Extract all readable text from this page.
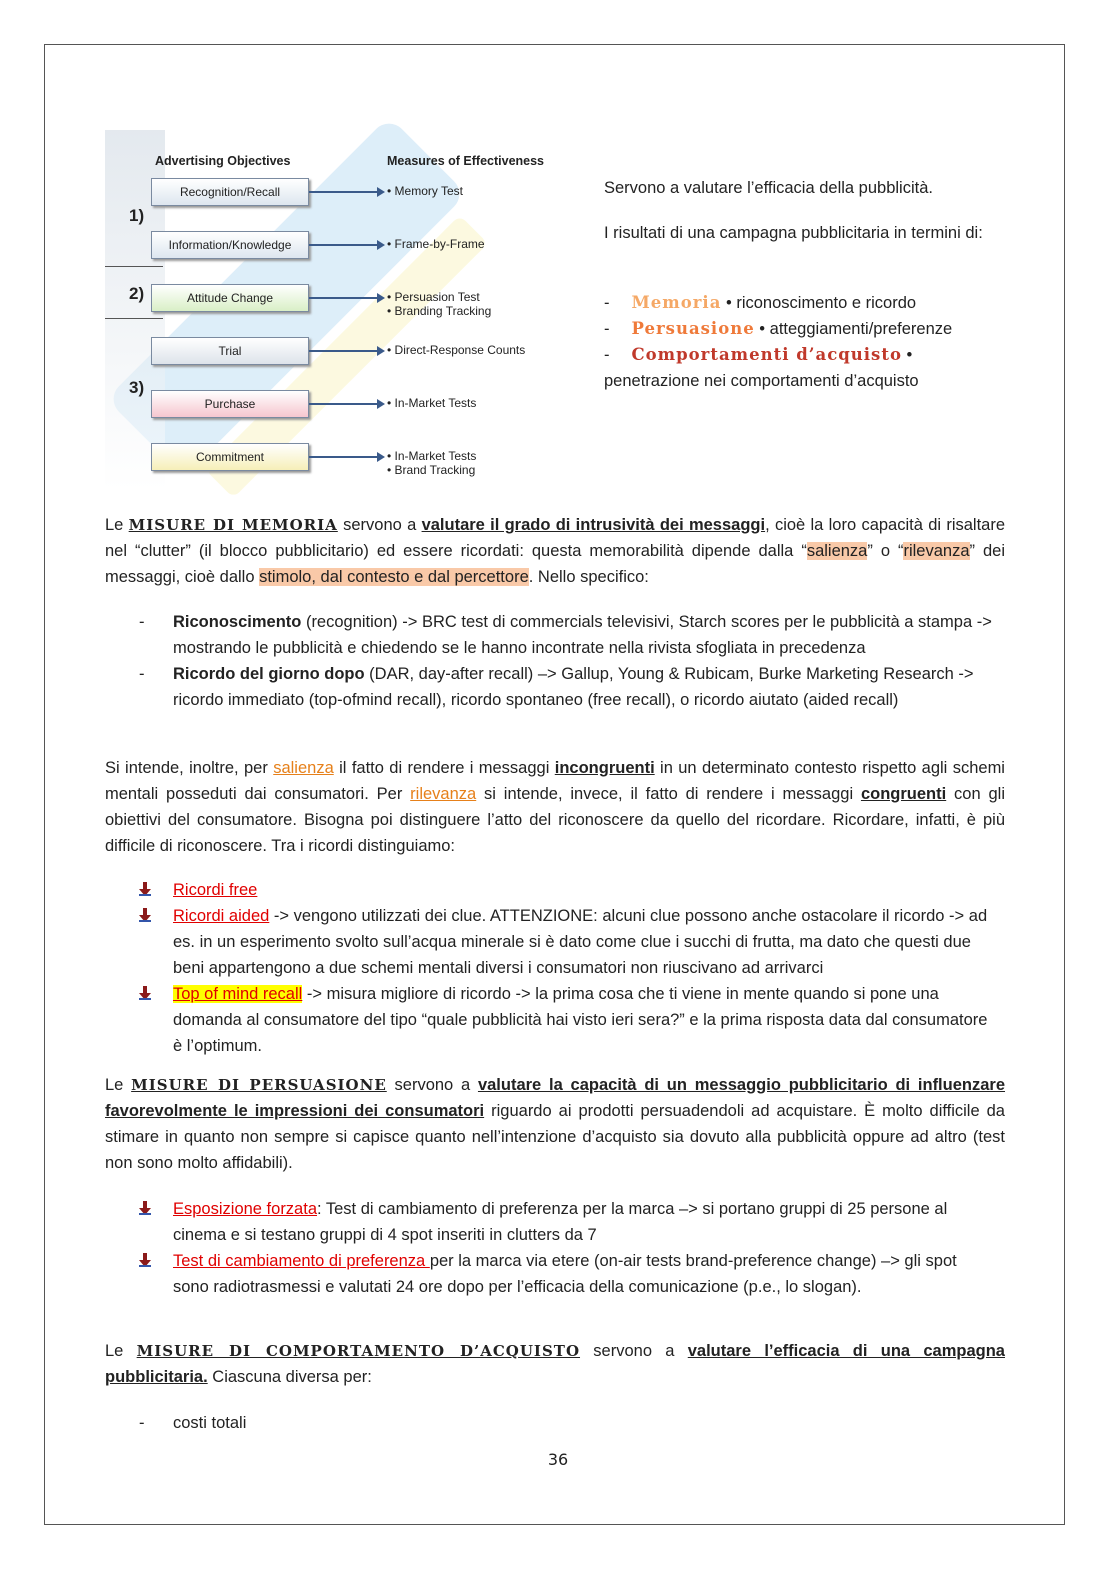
Advertising Objectives	Measures of Effectiveness
1)
2)
3)
Recognition/Recall	• Memory Test
Information/Knowledge	• Frame-by-Frame
Attitude Change	• Persuasion Test
• Branding Tracking
Trial	• Direct-Response Counts
Purchase	• In-Market Tests
Commitment	• In-Market Tests
• Brand Tracking
Servono a valutare l’efficacia della pubblicità.
I risultati di una campagna pubblicitaria in termini di:
- Memoria • riconoscimento e ricordo
- Persuasione • atteggiamenti/preferenze
- Comportamenti d’acquisto •
penetrazione nei comportamenti d’acquisto
Le MISURE DI MEMORIA servono a valutare il grado di intrusività dei messaggi, cioè la loro capacità di risaltare nel “clutter” (il blocco pubblicitario) ed essere ricordati: questa memorabilità dipende dalla “salienza” o “rilevanza” dei messaggi, cioè dallo stimolo, dal contesto e dal percettore. Nello specifico:
- Riconoscimento (recognition) -> BRC test di commercials televisivi, Starch scores per le pubblicità a stampa -> mostrando le pubblicità e chiedendo se le hanno incontrate nella rivista sfogliata in precedenza
- Ricordo del giorno dopo (DAR, day-after recall) –> Gallup, Young & Rubicam, Burke Marketing Research -> ricordo immediato (top-ofmind recall), ricordo spontaneo (free recall), o ricordo aiutato (aided recall)
Si intende, inoltre, per salienza il fatto di rendere i messaggi incongruenti in un determinato contesto rispetto agli schemi mentali posseduti dai consumatori. Per rilevanza si intende, invece, il fatto di rendere i messaggi congruenti con gli obiettivi del consumatore. Bisogna poi distinguere l’atto del riconoscere da quello del ricordare. Ricordare, infatti, è più difficile di riconoscere. Tra i ricordi distinguiamo:
Ricordi free
Ricordi aided -> vengono utilizzati dei clue. ATTENZIONE: alcuni clue possono anche ostacolare il ricordo -> ad es. in un esperimento svolto sull’acqua minerale si è dato come clue i succhi di frutta, ma dato che questi due beni appartengono a due schemi mentali diversi i consumatori non riuscivano ad arrivarci
Top of mind recall -> misura migliore di ricordo -> la prima cosa che ti viene in mente quando si pone una domanda al consumatore del tipo “quale pubblicità hai visto ieri sera?” e la prima risposta data dal consumatore è l’optimum.
Le MISURE DI PERSUASIONE servono a valutare la capacità di un messaggio pubblicitario di influenzare favorevolmente le impressioni dei consumatori riguardo ai prodotti persuadendoli ad acquistare. È molto difficile da stimare in quanto non sempre si capisce quanto nell’intenzione d’acquisto sia dovuto alla pubblicità oppure ad altro (test non sono molto affidabili).
Esposizione forzata: Test di cambiamento di preferenza per la marca –> si portano gruppi di 25 persone al cinema e si testano gruppi di 4 spot inseriti in clutters da 7
Test di cambiamento di preferenza per la marca via etere (on-air tests brand-preference change) –> gli spot sono radiotrasmessi e valutati 24 ore dopo per l’efficacia della comunicazione (p.e., lo slogan).
Le MISURE DI COMPORTAMENTO D’ACQUISTO servono a valutare l’efficacia di una campagna pubblicitaria. Ciascuna diversa per:
- costi totali
36
